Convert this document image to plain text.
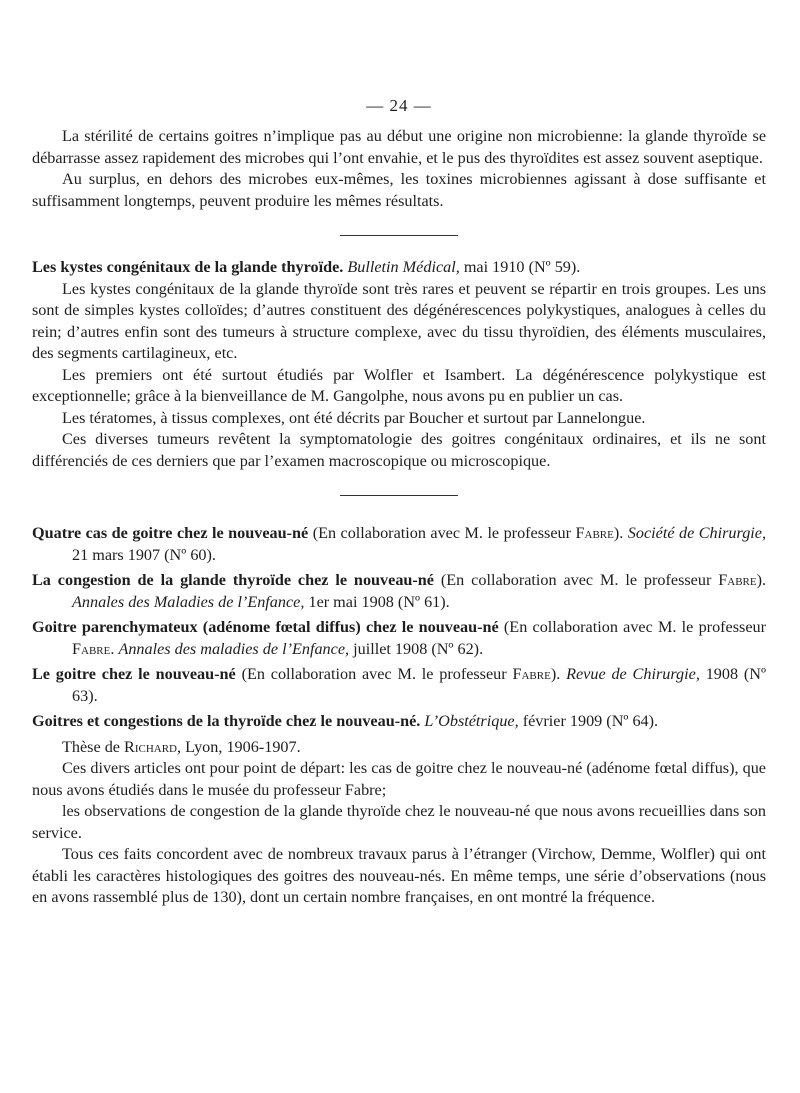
— 24 —

La stérilité de certains goitres n’implique pas au début une origine non microbienne: la glande thyroïde se débarrasse assez rapidement des microbes qui l’ont envahie, et le pus des thyroïdites est assez souvent aseptique.

Au surplus, en dehors des microbes eux-mêmes, les toxines microbiennes agissant à dose suffisante et suffisamment longtemps, peuvent produire les mêmes résultats.

Les kystes congénitaux de la glande thyroïde. Bulletin Médical, mai 1910 (Nº 59).

Les kystes congénitaux de la glande thyroïde sont très rares et peuvent se répartir en trois groupes. Les uns sont de simples kystes colloïdes; d’autres constituent des dégénérescences polykystiques, analogues à celles du rein; d’autres enfin sont des tumeurs à structure complexe, avec du tissu thyroïdien, des éléments musculaires, des segments cartilagineux, etc.

Les premiers ont été surtout étudiés par Wolfler et Isambert. La dégénérescence polykystique est exceptionnelle; grâce à la bienveillance de M. Gangolphe, nous avons pu en publier un cas.

Les tératomes, à tissus complexes, ont été décrits par Boucher et surtout par Lannelongue.

Ces diverses tumeurs revêtent la symptomatologie des goitres congénitaux ordinaires, et ils ne sont différenciés de ces derniers que par l’examen macroscopique ou microscopique.

Quatre cas de goitre chez le nouveau-né (En collaboration avec M. le professeur Fabre). Société de Chirurgie, 21 mars 1907 (Nº 60).

La congestion de la glande thyroïde chez le nouveau-né (En collaboration avec M. le professeur Fabre). Annales des Maladies de l’Enfance, 1er mai 1908 (Nº 61).

Goitre parenchymateux (adénome fœtal diffus) chez le nouveau-né (En collaboration avec M. le professeur Fabre. Annales des maladies de l’Enfance, juillet 1908 (Nº 62).

Le goitre chez le nouveau-né (En collaboration avec M. le professeur Fabre). Revue de Chirurgie, 1908 (Nº 63).

Goitres et congestions de la thyroïde chez le nouveau-né. L’Obstétrique, février 1909 (Nº 64).

Thèse de Richard, Lyon, 1906-1907.

Ces divers articles ont pour point de départ: les cas de goitre chez le nouveau-né (adénome fœtal diffus), que nous avons étudiés dans le musée du professeur Fabre;

les observations de congestion de la glande thyroïde chez le nouveau-né que nous avons recueillies dans son service.

Tous ces faits concordent avec de nombreux travaux parus à l’étranger (Virchow, Demme, Wolfler) qui ont établi les caractères histologiques des goitres des nouveau-nés. En même temps, une série d’observations (nous en avons rassemblé plus de 130), dont un certain nombre françaises, en ont montré la fréquence.
